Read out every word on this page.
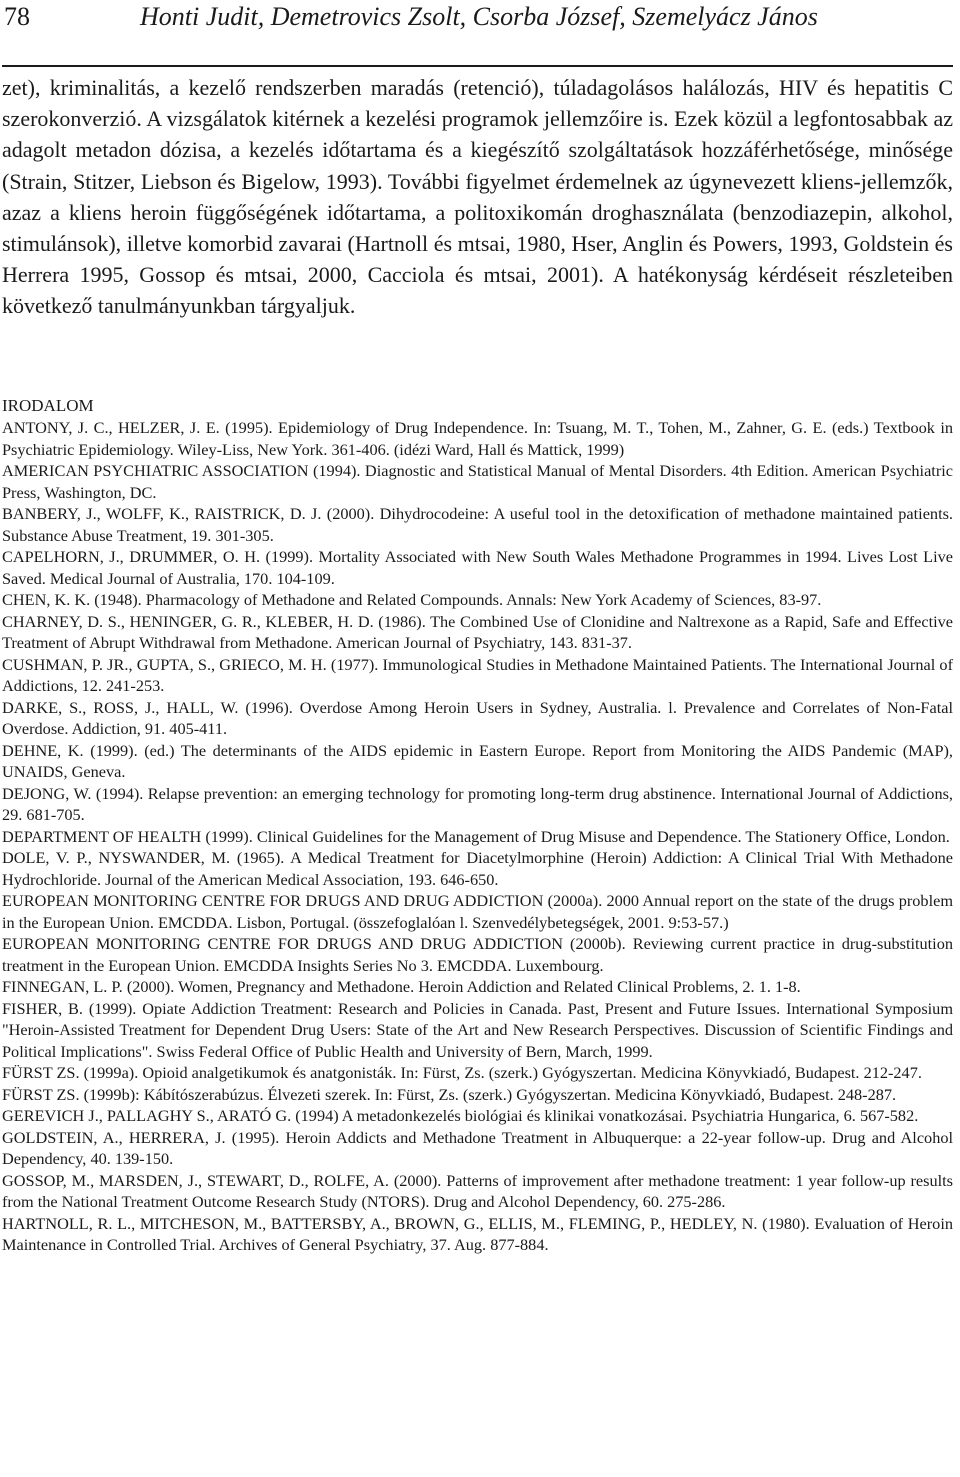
78	Honti Judit, Demetrovics Zsolt, Csorba József, Szemelyácz János

zet), kriminalitás, a kezelő rendszerben maradás (retenció), túladagolásos halálozás, HIV és hepatitis C szerokonverzió. A vizsgálatok kitérnek a kezelési programok jellemzőire is. Ezek közül a legfontosabbak az adagolt metadon dózisa, a kezelés időtartama és a kiegészítő szolgáltatások hozzáférhetősége, minősége (Strain, Stitzer, Liebson és Bigelow, 1993). További figyelmet érdemelnek az úgynevezett kliens-jellemzők, azaz a kliens heroin függőségének időtartama, a politoxikomán droghasználata (benzodiazepin, alkohol, stimulánsok), illetve komorbid zavarai (Hartnoll és mtsai, 1980, Hser, Anglin és Powers, 1993, Goldstein és Herrera 1995, Gossop és mtsai, 2000, Cacciola és mtsai, 2001). A hatékonyság kérdéseit részleteiben következő tanulmányunkban tárgyaljuk.

IRODALOM
ANTONY, J. C., HELZER, J. E. (1995). Epidemiology of Drug Independence. In: Tsuang, M. T., Tohen, M., Zahner, G. E. (eds.) Textbook in Psychiatric Epidemiology. Wiley-Liss, New York. 361-406. (idézi Ward, Hall és Mattick, 1999)
AMERICAN PSYCHIATRIC ASSOCIATION (1994). Diagnostic and Statistical Manual of Mental Disorders. 4th Edition. American Psychiatric Press, Washington, DC.
BANBERY, J., WOLFF, K., RAISTRICK, D. J. (2000). Dihydrocodeine: A useful tool in the detoxification of methadone maintained patients. Substance Abuse Treatment, 19. 301-305.
CAPELHORN, J., DRUMMER, O. H. (1999). Mortality Associated with New South Wales Methadone Programmes in 1994. Lives Lost Live Saved. Medical Journal of Australia, 170. 104-109.
CHEN, K. K. (1948). Pharmacology of Methadone and Related Compounds. Annals: New York Academy of Sciences, 83-97.
CHARNEY, D. S., HENINGER, G. R., KLEBER, H. D. (1986). The Combined Use of Clonidine and Naltrexone as a Rapid, Safe and Effective Treatment of Abrupt Withdrawal from Methadone. American Journal of Psychiatry, 143. 831-37.
CUSHMAN, P. JR., GUPTA, S., GRIECO, M. H. (1977). Immunological Studies in Methadone Maintained Patients. The International Journal of Addictions, 12. 241-253.
DARKE, S., ROSS, J., HALL, W. (1996). Overdose Among Heroin Users in Sydney, Australia. l. Prevalence and Correlates of Non-Fatal Overdose. Addiction, 91. 405-411.
DEHNE, K. (1999). (ed.) The determinants of the AIDS epidemic in Eastern Europe. Report from Monitoring the AIDS Pandemic (MAP), UNAIDS, Geneva.
DEJONG, W. (1994). Relapse prevention: an emerging technology for promoting long-term drug abstinence. International Journal of Addictions, 29. 681-705.
DEPARTMENT OF HEALTH (1999). Clinical Guidelines for the Management of Drug Misuse and Dependence. The Stationery Office, London.
DOLE, V. P., NYSWANDER, M. (1965). A Medical Treatment for Diacetylmorphine (Heroin) Addiction: A Clinical Trial With Methadone Hydrochloride. Journal of the American Medical Association, 193. 646-650.
EUROPEAN MONITORING CENTRE FOR DRUGS AND DRUG ADDICTION (2000a). 2000 Annual report on the state of the drugs problem in the European Union. EMCDDA. Lisbon, Portugal. (összefoglalóan l. Szenvedélybetegségek, 2001. 9:53-57.)
EUROPEAN MONITORING CENTRE FOR DRUGS AND DRUG ADDICTION (2000b). Reviewing current practice in drug-substitution treatment in the European Union. EMCDDA Insights Series No 3. EMCDDA. Luxembourg.
FINNEGAN, L. P. (2000). Women, Pregnancy and Methadone. Heroin Addiction and Related Clinical Problems, 2. 1. 1-8.
FISHER, B. (1999). Opiate Addiction Treatment: Research and Policies in Canada. Past, Present and Future Issues. International Symposium "Heroin-Assisted Treatment for Dependent Drug Users: State of the Art and New Research Perspectives. Discussion of Scientific Findings and Political Implications". Swiss Federal Office of Public Health and University of Bern, March, 1999.
FÜRST ZS. (1999a). Opioid analgetikumok és anatgonisták. In: Fürst, Zs. (szerk.) Gyógyszertan. Medicina Könyvkiadó, Budapest. 212-247.
FÜRST ZS. (1999b): Kábítószerabúzus. Élvezeti szerek. In: Fürst, Zs. (szerk.) Gyógyszertan. Medicina Könyvkiadó, Budapest. 248-287.
GEREVICH J., PALLAGHY S., ARATÓ G. (1994) A metadonkezelés biológiai és klinikai vonatkozásai. Psychiatria Hungarica, 6. 567-582.
GOLDSTEIN, A., HERRERA, J. (1995). Heroin Addicts and Methadone Treatment in Albuquerque: a 22-year follow-up. Drug and Alcohol Dependency, 40. 139-150.
GOSSOP, M., MARSDEN, J., STEWART, D., ROLFE, A. (2000). Patterns of improvement after methadone treatment: 1 year follow-up results from the National Treatment Outcome Research Study (NTORS). Drug and Alcohol Dependency, 60. 275-286.
HARTNOLL, R. L., MITCHESON, M., BATTERSBY, A., BROWN, G., ELLIS, M., FLEMING, P., HEDLEY, N. (1980). Evaluation of Heroin Maintenance in Controlled Trial. Archives of General Psychiatry, 37. Aug. 877-884.
